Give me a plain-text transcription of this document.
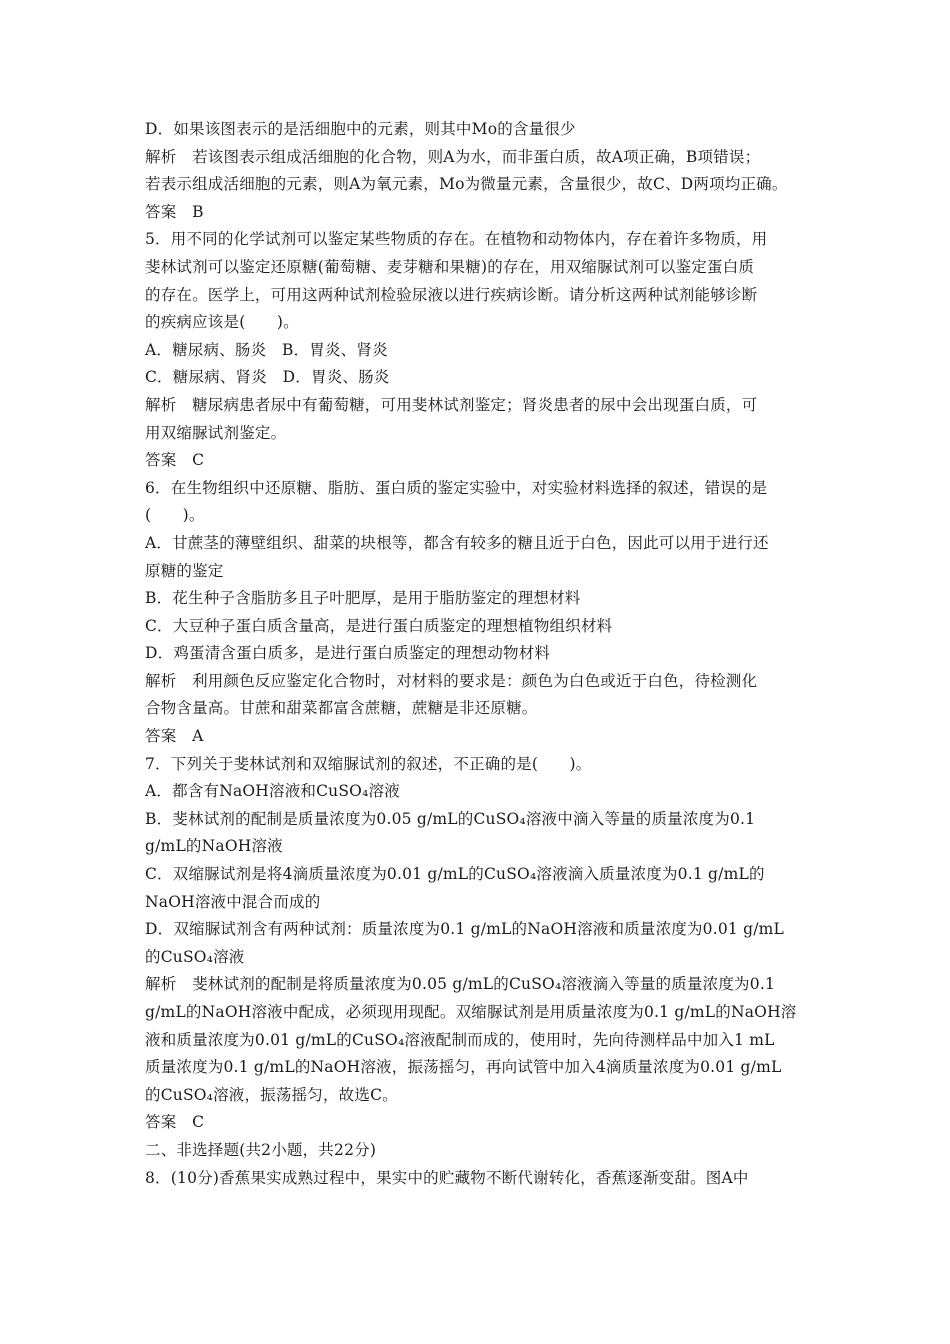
D．如果该图表示的是活细胞中的元素，则其中Mo的含量很少
解析　若该图表示组成活细胞的化合物，则A为水，而非蛋白质，故A项正确，B项错误；
若表示组成活细胞的元素，则A为氧元素，Mo为微量元素，含量很少，故C、D两项均正确。
答案　B
5．用不同的化学试剂可以鉴定某些物质的存在。在植物和动物体内，存在着许多物质，用
斐林试剂可以鉴定还原糖(葡萄糖、麦芽糖和果糖)的存在，用双缩脲试剂可以鉴定蛋白质
的存在。医学上，可用这两种试剂检验尿液以进行疾病诊断。请分析这两种试剂能够诊断
的疾病应该是(　　)。
A．糖尿病、肠炎　B．胃炎、肾炎
C．糖尿病、肾炎　D．胃炎、肠炎
解析　糖尿病患者尿中有葡萄糖，可用斐林试剂鉴定；肾炎患者的尿中会出现蛋白质，可
用双缩脲试剂鉴定。
答案　C
6．在生物组织中还原糖、脂肪、蛋白质的鉴定实验中，对实验材料选择的叙述，错误的是
(　　)。
A．甘蔗茎的薄壁组织、甜菜的块根等，都含有较多的糖且近于白色，因此可以用于进行还
原糖的鉴定
B．花生种子含脂肪多且子叶肥厚，是用于脂肪鉴定的理想材料
C．大豆种子蛋白质含量高，是进行蛋白质鉴定的理想植物组织材料
D．鸡蛋清含蛋白质多，是进行蛋白质鉴定的理想动物材料
解析　利用颜色反应鉴定化合物时，对材料的要求是：颜色为白色或近于白色，待检测化
合物含量高。甘蔗和甜菜都富含蔗糖，蔗糖是非还原糖。
答案　A
7．下列关于斐林试剂和双缩脲试剂的叙述，不正确的是(　　)。
A．都含有NaOH溶液和CuSO₄溶液
B．斐林试剂的配制是质量浓度为0.05 g/mL的CuSO₄溶液中滴入等量的质量浓度为0.1
g/mL的NaOH溶液
C．双缩脲试剂是将4滴质量浓度为0.01 g/mL的CuSO₄溶液滴入质量浓度为0.1 g/mL的
NaOH溶液中混合而成的
D．双缩脲试剂含有两种试剂：质量浓度为0.1 g/mL的NaOH溶液和质量浓度为0.01 g/mL
的CuSO₄溶液
解析　斐林试剂的配制是将质量浓度为0.05 g/mL的CuSO₄溶液滴入等量的质量浓度为0.1
g/mL的NaOH溶液中配成，必须现用现配。双缩脲试剂是用质量浓度为0.1 g/mL的NaOH溶
液和质量浓度为0.01 g/mL的CuSO₄溶液配制而成的，使用时，先向待测样品中加入1 mL
质量浓度为0.1 g/mL的NaOH溶液，振荡摇匀，再向试管中加入4滴质量浓度为0.01 g/mL
的CuSO₄溶液，振荡摇匀，故选C。
答案　C
二、非选择题(共2小题，共22分)
8．(10分)香蕉果实成熟过程中，果实中的贮藏物不断代谢转化，香蕉逐渐变甜。图A中
